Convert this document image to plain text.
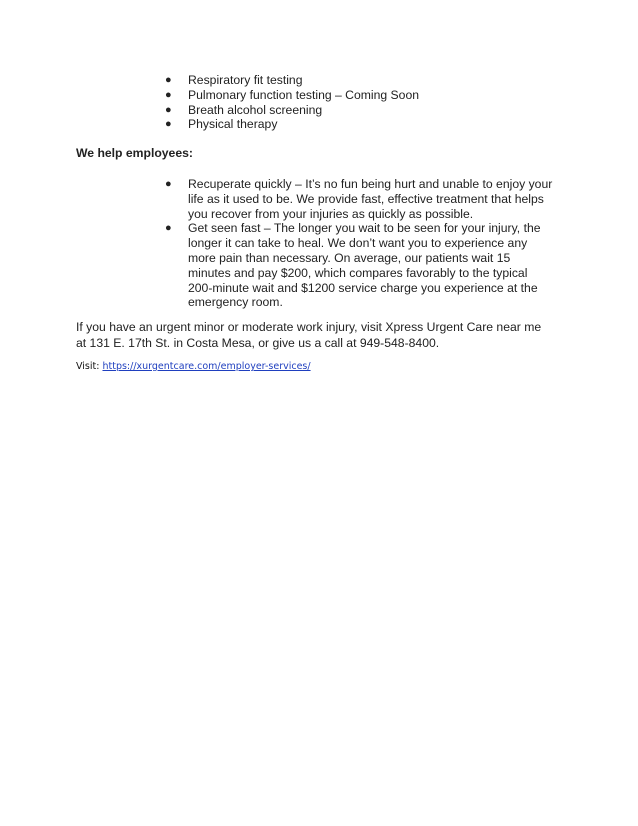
● Respiratory fit testing
● Pulmonary function testing – Coming Soon
● Breath alcohol screening
● Physical therapy

We help employees:

● Recuperate quickly – It’s no fun being hurt and unable to enjoy your
life as it used to be. We provide fast, effective treatment that helps
you recover from your injuries as quickly as possible.
● Get seen fast – The longer you wait to be seen for your injury, the
longer it can take to heal. We don’t want you to experience any
more pain than necessary. On average, our patients wait 15
minutes and pay $200, which compares favorably to the typical
200-minute wait and $1200 service charge you experience at the
emergency room.

If you have an urgent minor or moderate work injury, visit Xpress Urgent Care near me
at 131 E. 17th St. in Costa Mesa, or give us a call at 949-548-8400.

Visit: https://xurgentcare.com/employer-services/
